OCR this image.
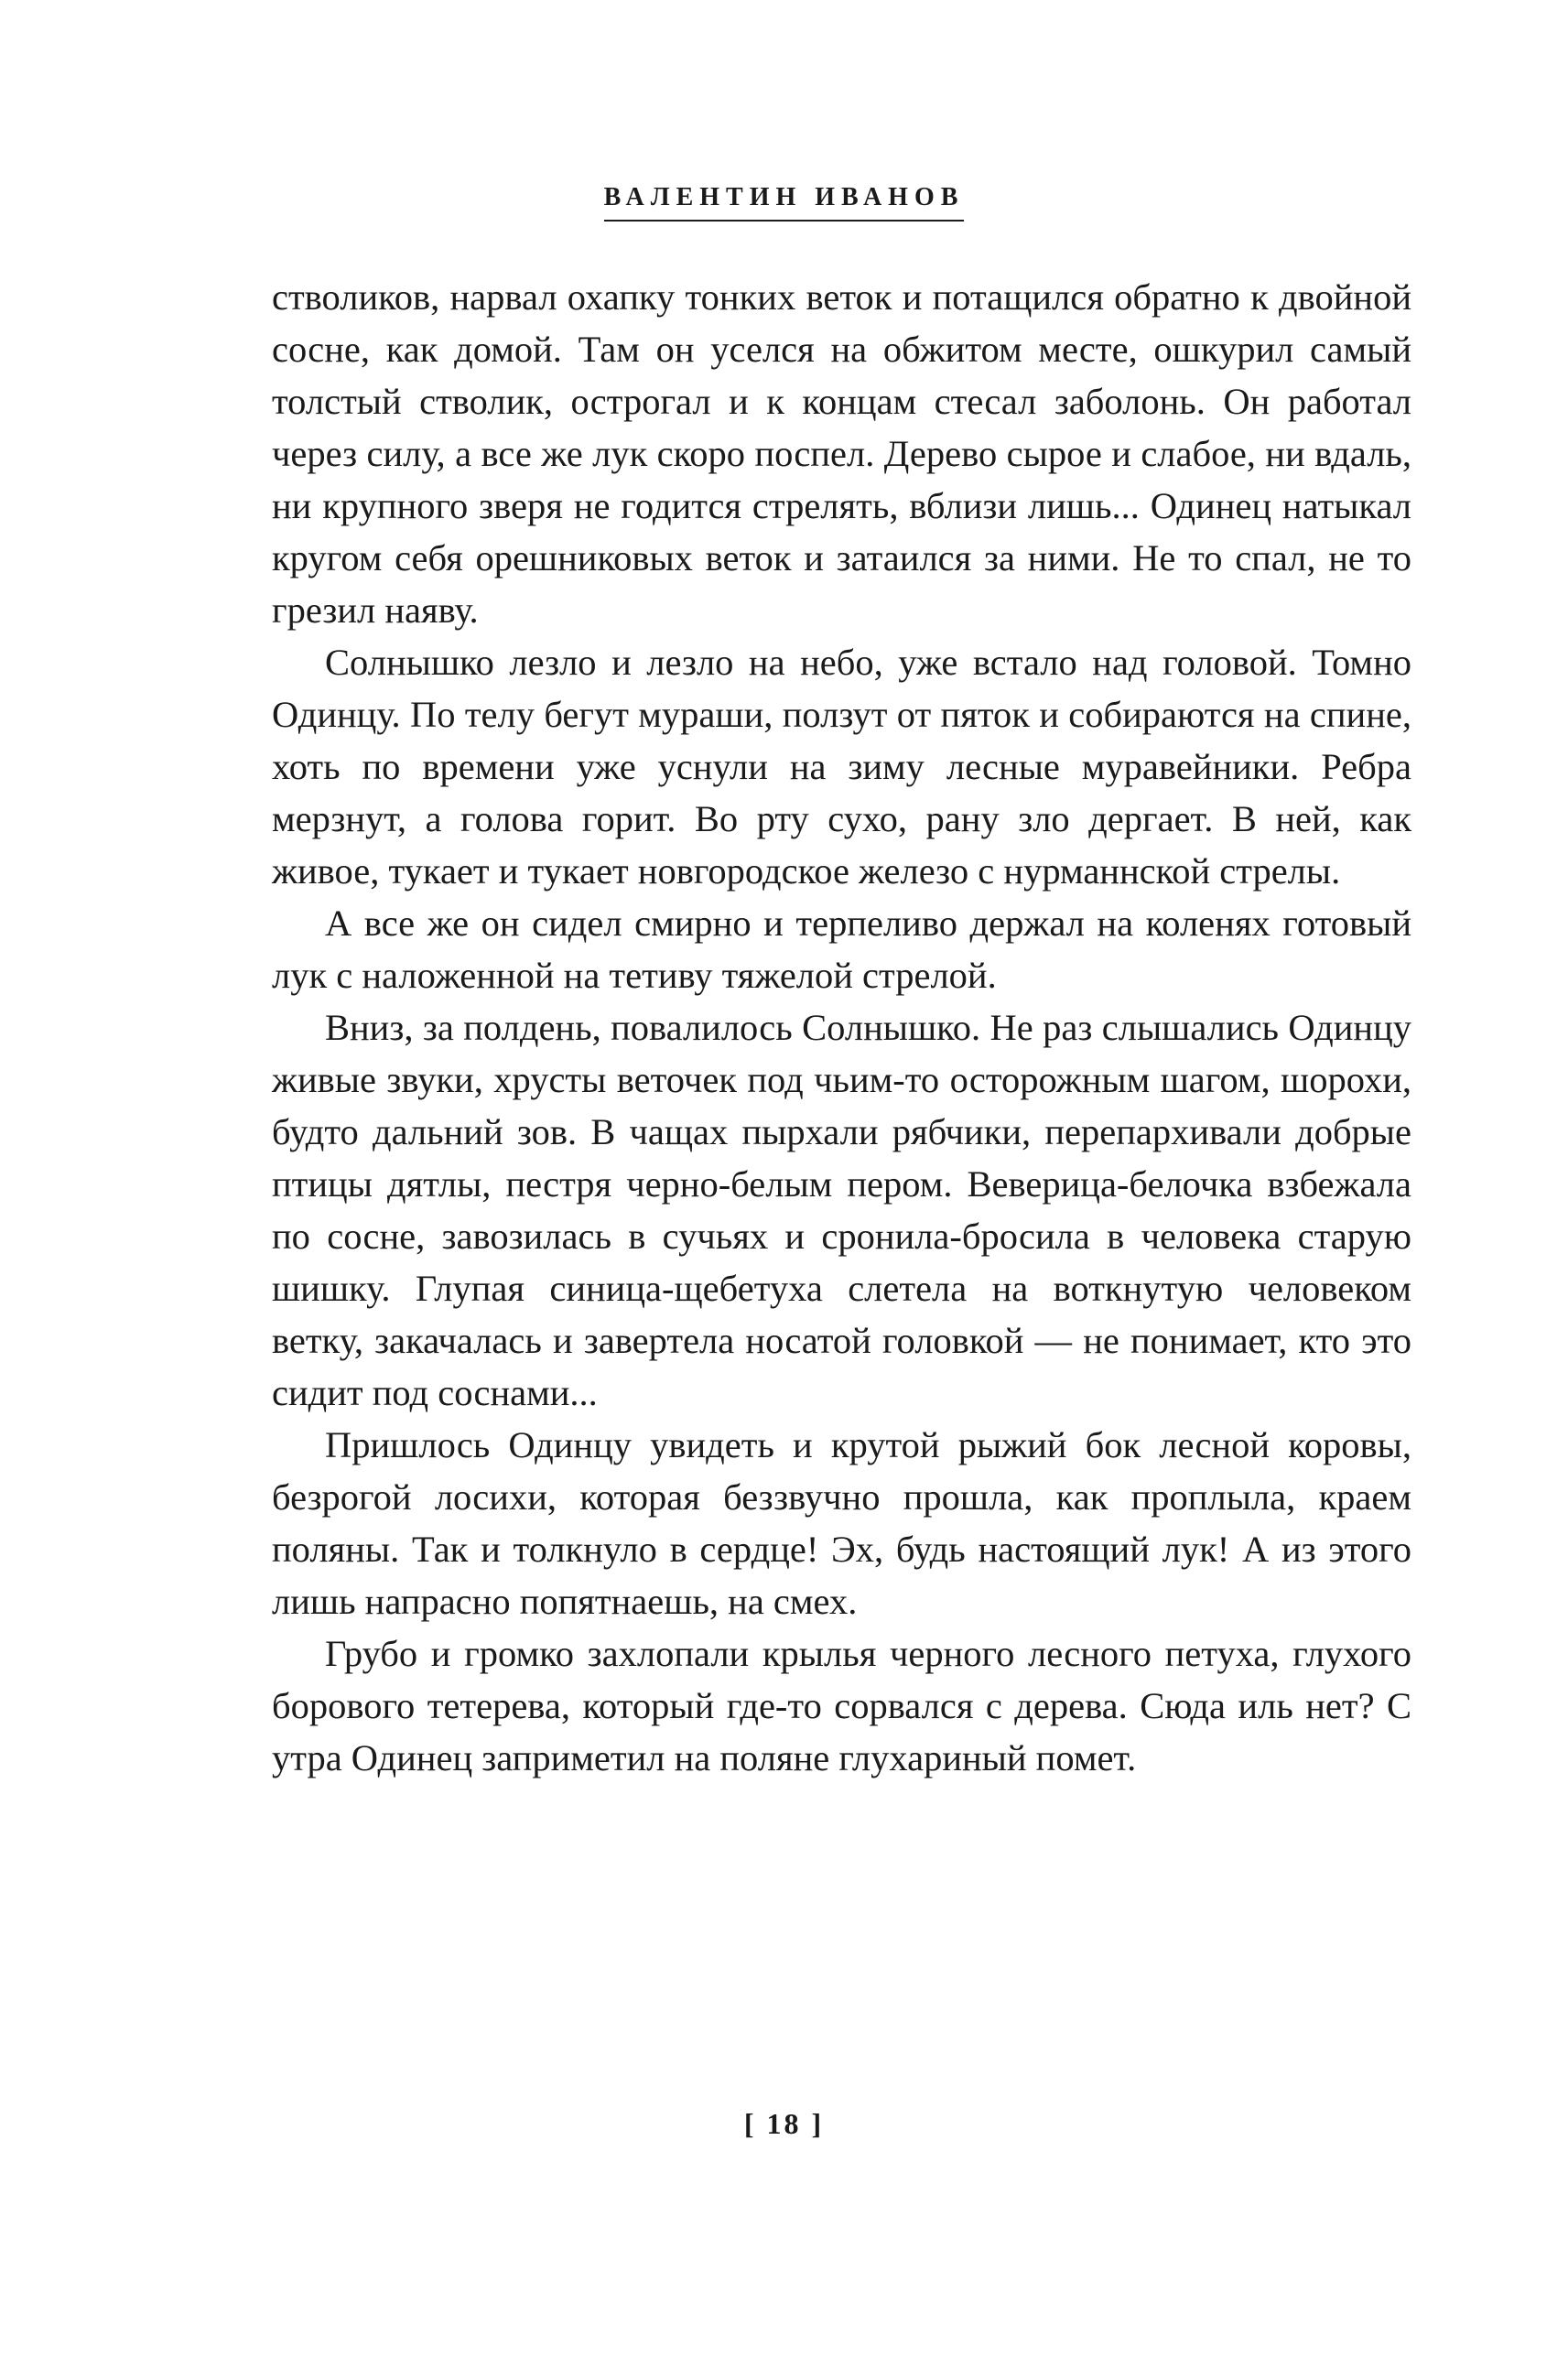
ВАЛЕНТИН ИВАНОВ

стволиков, нарвал охапку тонких веток и потащился обратно к двойной сосне, как домой. Там он уселся на обжитом месте, ошкурил самый толстый стволик, острогал и к концам стесал заболонь. Он работал через силу, а все же лук скоро поспел. Дерево сырое и слабое, ни вдаль, ни крупного зверя не годится стрелять, вблизи лишь... Одинец натыкал кругом себя орешниковых веток и затаился за ними. Не то спал, не то грезил наяву.

Солнышко лезло и лезло на небо, уже встало над головой. Томно Одинцу. По телу бегут мураши, ползут от пяток и собираются на спине, хоть по времени уже уснули на зиму лесные муравейники. Ребра мерзнут, а голова горит. Во рту сухо, рану зло дергает. В ней, как живое, тукает и тукает новгородское железо с нурманнской стрелы.

А все же он сидел смирно и терпеливо держал на коленях готовый лук с наложенной на тетиву тяжелой стрелой.

Вниз, за полдень, повалилось Солнышко. Не раз слышались Одинцу живые звуки, хрусты веточек под чьим-то осторожным шагом, шорохи, будто дальний зов. В чащах пырхали рябчики, перепархивали добрые птицы дятлы, пестря черно-белым пером. Веверица-белочка взбежала по сосне, завозилась в сучьях и сронила-бросила в человека старую шишку. Глупая синица-щебетуха слетела на воткнутую человеком ветку, закачалась и завертела носатой головкой — не понимает, кто это сидит под соснами...

Пришлось Одинцу увидеть и крутой рыжий бок лесной коровы, безрогой лосихи, которая беззвучно прошла, как проплыла, краем поляны. Так и толкнуло в сердце! Эх, будь настоящий лук! А из этого лишь напрасно попятнаешь, на смех.

Грубо и громко захлопали крылья черного лесного петуха, глухого борового тетерева, который где-то сорвался с дерева. Сюда иль нет? С утра Одинец заприметил на поляне глухариный помет.

[ 18 ]
